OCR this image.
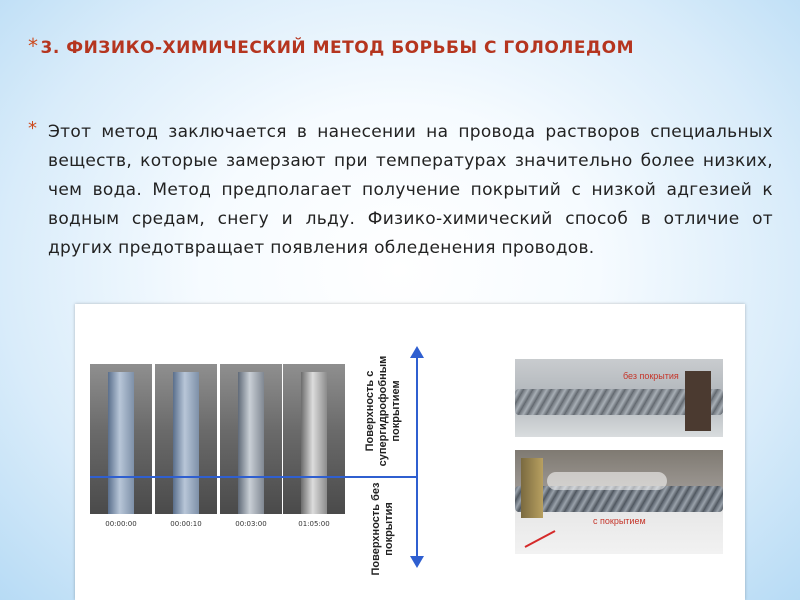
* 3. ФИЗИКО-ХИМИЧЕСКИЙ МЕТОД БОРЬБЫ С ГОЛОЛЕДОМ
* Этот метод заключается в нанесении на провода растворов специальных веществ, которые замерзают при температурах значительно более низких, чем вода. Метод предполагает получение покрытий с низкой адгезией к водным средам, снегу и льду. Физико-химический способ в отличие от других предотвращает появления обледенения проводов.
00:00:00	00:00:10	00:03:00	01:05:00
Поверхность с супергидрофобным покрытием
Поверхность без покрытия
без покрытия
с покрытием
